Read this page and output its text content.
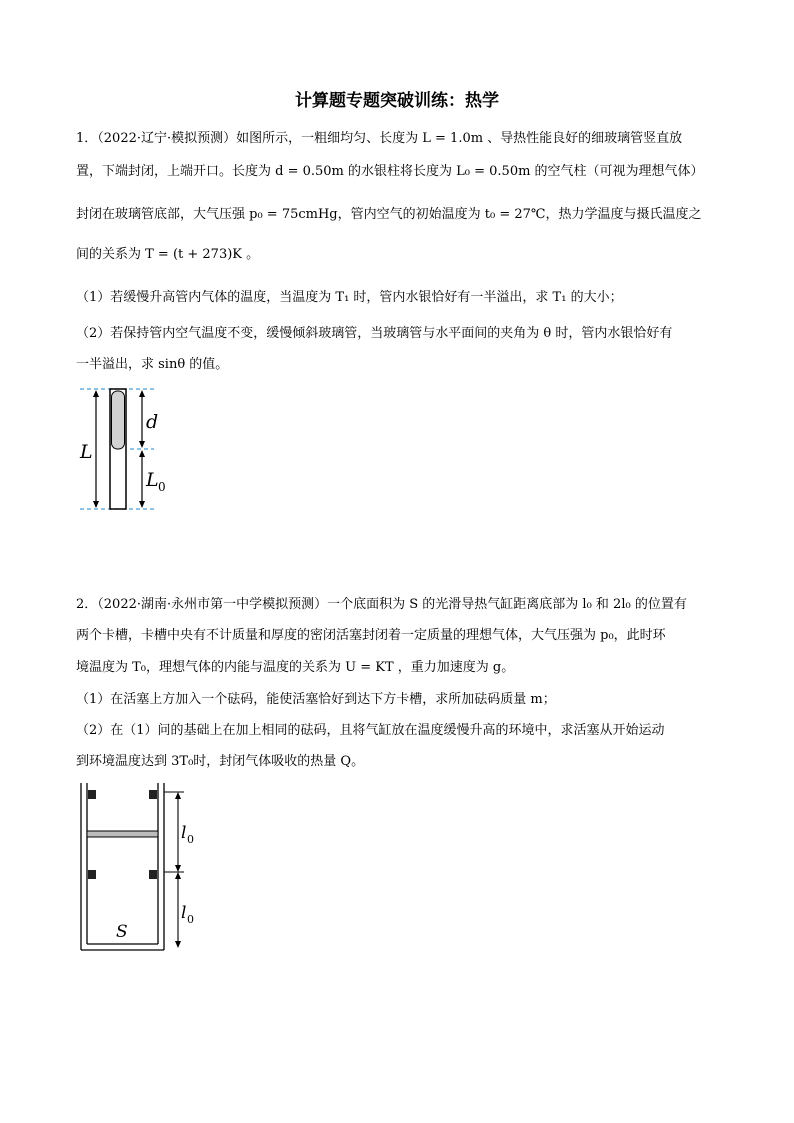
计算题专题突破训练：热学
1．（2022·辽宁·模拟预测）如图所示，一粗细均匀、长度为 L = 1.0m 、导热性能良好的细玻璃管竖直放
置，下端封闭，上端开口。长度为 d = 0.50m 的水银柱将长度为 L₀ = 0.50m 的空气柱（可视为理想气体）
封闭在玻璃管底部，大气压强 p₀ = 75cmHg，管内空气的初始温度为 t₀ = 27℃，热力学温度与摄氏温度之
间的关系为 T = (t + 273)K 。
（1）若缓慢升高管内气体的温度，当温度为 T₁ 时，管内水银恰好有一半溢出，求 T₁ 的大小；
（2）若保持管内空气温度不变，缓慢倾斜玻璃管，当玻璃管与水平面间的夹角为 θ 时，管内水银恰好有
一半溢出，求 sinθ 的值。
L
d
L 0
2．（2022·湖南·永州市第一中学模拟预测）一个底面积为 S 的光滑导热气缸距离底部为 l₀ 和 2l₀ 的位置有
两个卡槽，卡槽中央有不计质量和厚度的密闭活塞封闭着一定质量的理想气体，大气压强为 p₀，此时环
境温度为 T₀，理想气体的内能与温度的关系为 U = KT ，重力加速度为 g。
（1）在活塞上方加入一个砝码，能使活塞恰好到达下方卡槽，求所加砝码质量 m；
（2）在（1）问的基础上在加上相同的砝码，且将气缸放在温度缓慢升高的环境中，求活塞从开始运动
到环境温度达到 3T₀时，封闭气体吸收的热量 Q。
l 0
l 0
S
